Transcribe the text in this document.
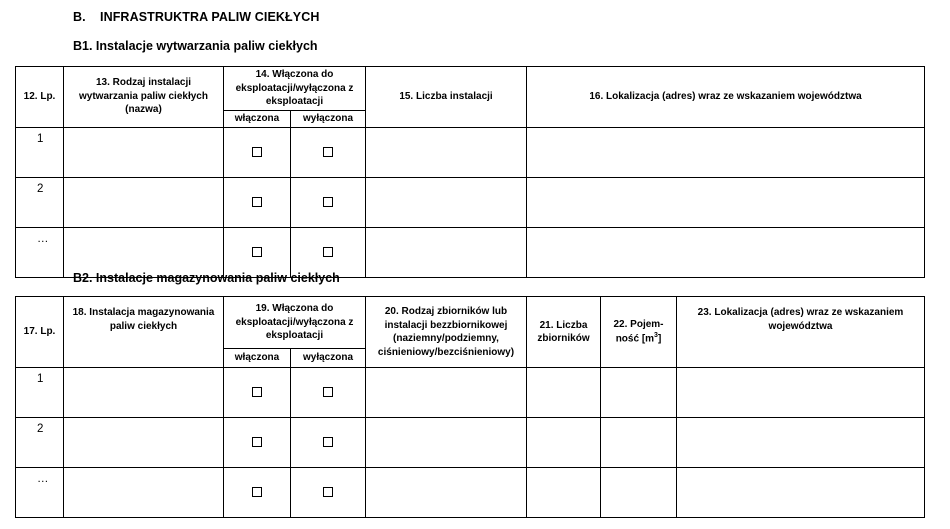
B. INFRASTRUKTRA PALIW CIEKŁYCH
B1. Instalacje wytwarzania paliw ciekłych
12. Lp.	13. Rodzaj instalacji wytwarzania paliw ciekłych (nazwa)	14. Włączona do eksploatacji/wyłączona z eksploatacji		15. Liczba instalacji	16. Lokalizacja (adres) wraz ze wskazaniem województwa
		włączona	wyłączona		
1					
2					
…					
B2. Instalacje magazynowania paliw ciekłych
17. Lp.	18. Instalacja magazynowania paliw ciekłych	19. Włączona do eksploatacji/wyłączona z eksploatacji		20. Rodzaj zbiorników lub instalacji bezzbiornikowej (naziemny/podziemny, ciśnieniowy/bezciśnieniowy)	21. Liczba zbiorników	22. Pojem-ność $[m^3]$	23. Lokalizacja (adres) wraz ze wskazaniem województwa
		włączona	wyłączona				
1							
2							
…							
